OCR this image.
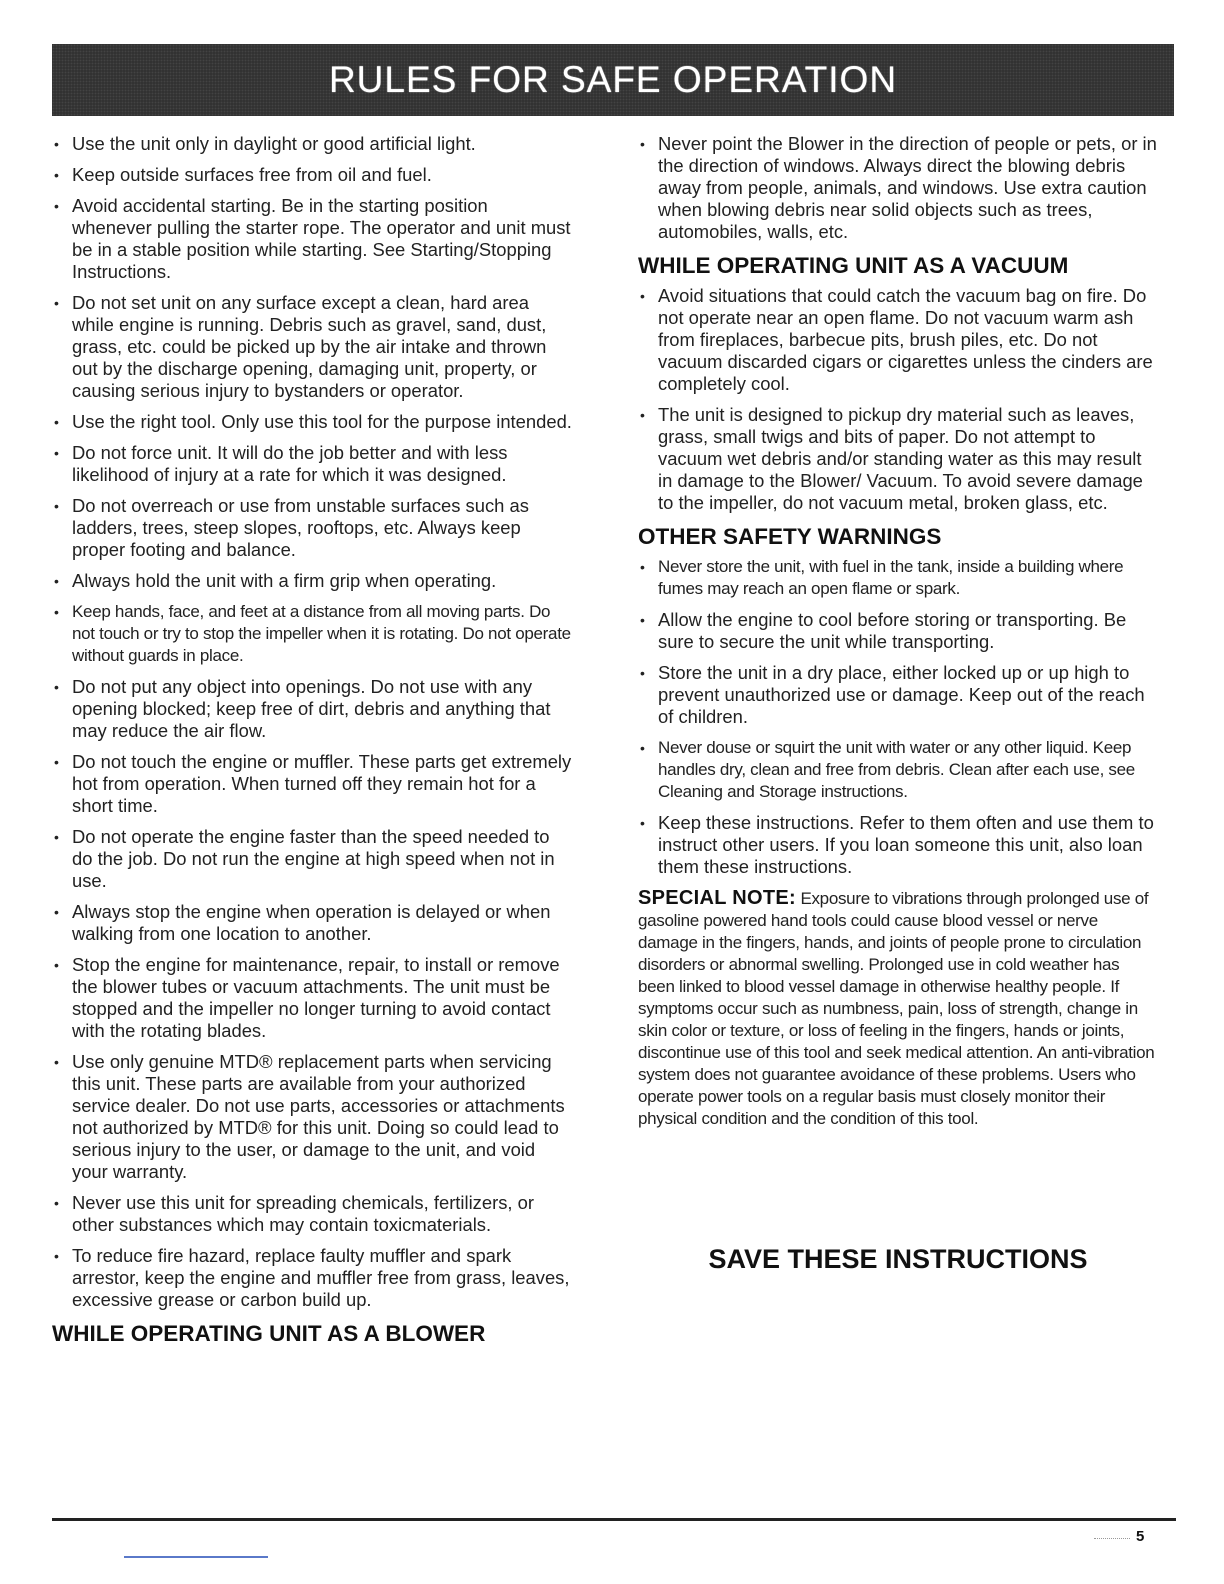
RULES FOR SAFE OPERATION
• Use the unit only in daylight or good artificial light.
• Keep outside surfaces free from oil and fuel.
• Avoid accidental starting. Be in the starting position whenever pulling the starter rope. The operator and unit must be in a stable position while starting. See Starting/Stopping Instructions.
• Do not set unit on any surface except a clean, hard area while engine is running. Debris such as gravel, sand, dust, grass, etc. could be picked up by the air intake and thrown out by the discharge opening, damaging unit, property, or causing serious injury to bystanders or operator.
• Use the right tool. Only use this tool for the purpose intended.
• Do not force unit. It will do the job better and with less likelihood of injury at a rate for which it was designed.
• Do not overreach or use from unstable surfaces such as ladders, trees, steep slopes, rooftops, etc. Always keep proper footing and balance.
• Always hold the unit with a firm grip when operating.
• Keep hands, face, and feet at a distance from all moving parts. Do not touch or try to stop the impeller when it is rotating. Do not operate without guards in place.
• Do not put any object into openings. Do not use with any opening blocked; keep free of dirt, debris and anything that may reduce the air flow.
• Do not touch the engine or muffler. These parts get extremely hot from operation. When turned off they remain hot for a short time.
• Do not operate the engine faster than the speed needed to do the job. Do not run the engine at high speed when not in use.
• Always stop the engine when operation is delayed or when walking from one location to another.
• Stop the engine for maintenance, repair, to install or remove the blower tubes or vacuum attachments. The unit must be stopped and the impeller no longer turning to avoid contact with the rotating blades.
• Use only genuine MTD® replacement parts when servicing this unit. These parts are available from your authorized service dealer. Do not use parts, accessories or attachments not authorized by MTD® for this unit. Doing so could lead to serious injury to the user, or damage to the unit, and void your warranty.
• Never use this unit for spreading chemicals, fertilizers, or other substances which may contain toxicmaterials.
• To reduce fire hazard, replace faulty muffler and spark arrestor, keep the engine and muffler free from grass, leaves, excessive grease or carbon build up.
WHILE OPERATING UNIT AS A BLOWER
• Never point the Blower in the direction of people or pets, or in the direction of windows. Always direct the blowing debris away from people, animals, and windows. Use extra caution when blowing debris near solid objects such as trees, automobiles, walls, etc.
WHILE OPERATING UNIT AS A VACUUM
• Avoid situations that could catch the vacuum bag on fire. Do not operate near an open flame. Do not vacuum warm ash from fireplaces, barbecue pits, brush piles, etc. Do not vacuum discarded cigars or cigarettes unless the cinders are completely cool.
• The unit is designed to pickup dry material such as leaves, grass, small twigs and bits of paper. Do not attempt to vacuum wet debris and/or standing water as this may result in damage to the Blower/ Vacuum. To avoid severe damage to the impeller, do not vacuum metal, broken glass, etc.
OTHER SAFETY WARNINGS
• Never store the unit, with fuel in the tank, inside a building where fumes may reach an open flame or spark.
• Allow the engine to cool before storing or transporting. Be sure to secure the unit while transporting.
• Store the unit in a dry place, either locked up or up high to prevent unauthorized use or damage. Keep out of the reach of children.
• Never douse or squirt the unit with water or any other liquid. Keep handles dry, clean and free from debris. Clean after each use, see Cleaning and Storage instructions.
• Keep these instructions. Refer to them often and use them to instruct other users. If you loan someone this unit, also loan them these instructions.

SPECIAL NOTE: Exposure to vibrations through prolonged use of gasoline powered hand tools could cause blood vessel or nerve damage in the fingers, hands, and joints of people prone to circulation disorders or abnormal swelling. Prolonged use in cold weather has been linked to blood vessel damage in otherwise healthy people. If symptoms occur such as numbness, pain, loss of strength, change in skin color or texture, or loss of feeling in the fingers, hands or joints, discontinue use of this tool and seek medical attention. An anti-vibration system does not guarantee avoidance of these problems. Users who operate power tools on a regular basis must closely monitor their physical condition and the condition of this tool.

SAVE THESE INSTRUCTIONS
5
